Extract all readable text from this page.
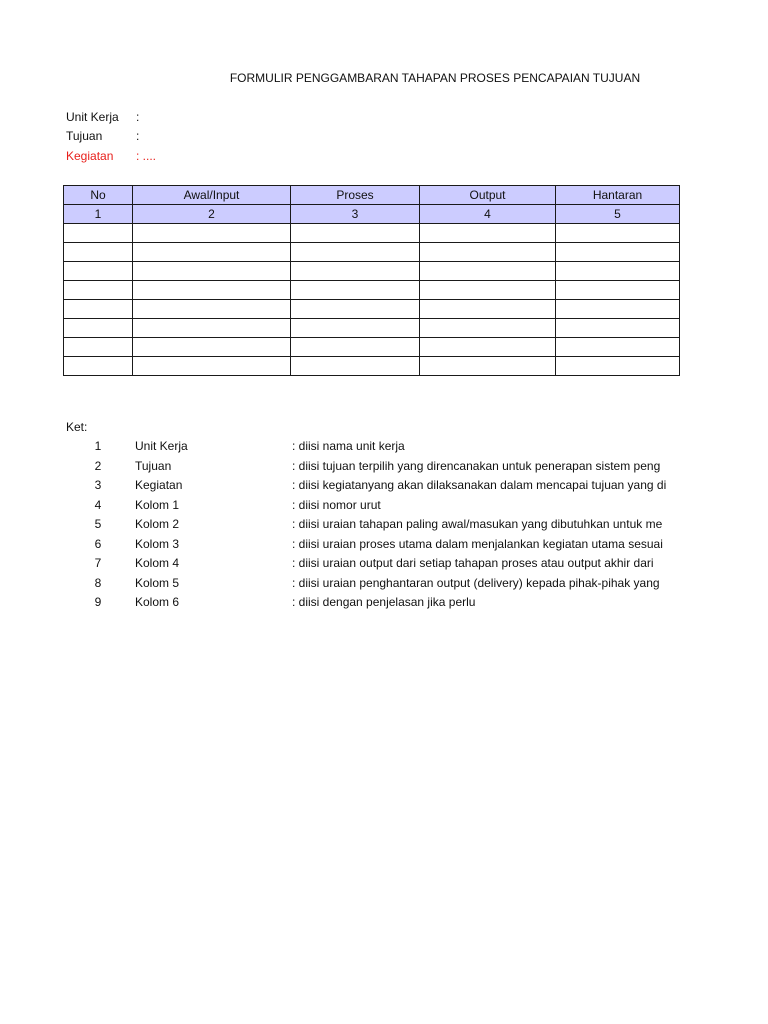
FORMULIR PENGGAMBARAN TAHAPAN PROSES PENCAPAIAN TUJUAN
Unit Kerja :
Tujuan	:
Kegiatan : ....
No	Awal/Input	Proses	Output	Hantaran
1	2	3	4	5

Ket:
1	Unit Kerja	: diisi nama unit kerja
2	Tujuan	: diisi tujuan terpilih yang direncanakan untuk penerapan sistem peng
3	Kegiatan	: diisi kegiatanyang akan dilaksanakan dalam mencapai tujuan yang di
4	Kolom 1	: diisi nomor urut
5	Kolom 2	: diisi uraian tahapan paling awal/masukan yang dibutuhkan untuk me
6	Kolom 3	: diisi uraian proses utama dalam menjalankan kegiatan utama sesuai
7	Kolom 4	: diisi uraian output dari setiap tahapan proses atau output akhir dari
8	Kolom 5	: diisi uraian penghantaran output (delivery) kepada pihak-pihak yang
9	Kolom 6	: diisi dengan penjelasan jika perlu
